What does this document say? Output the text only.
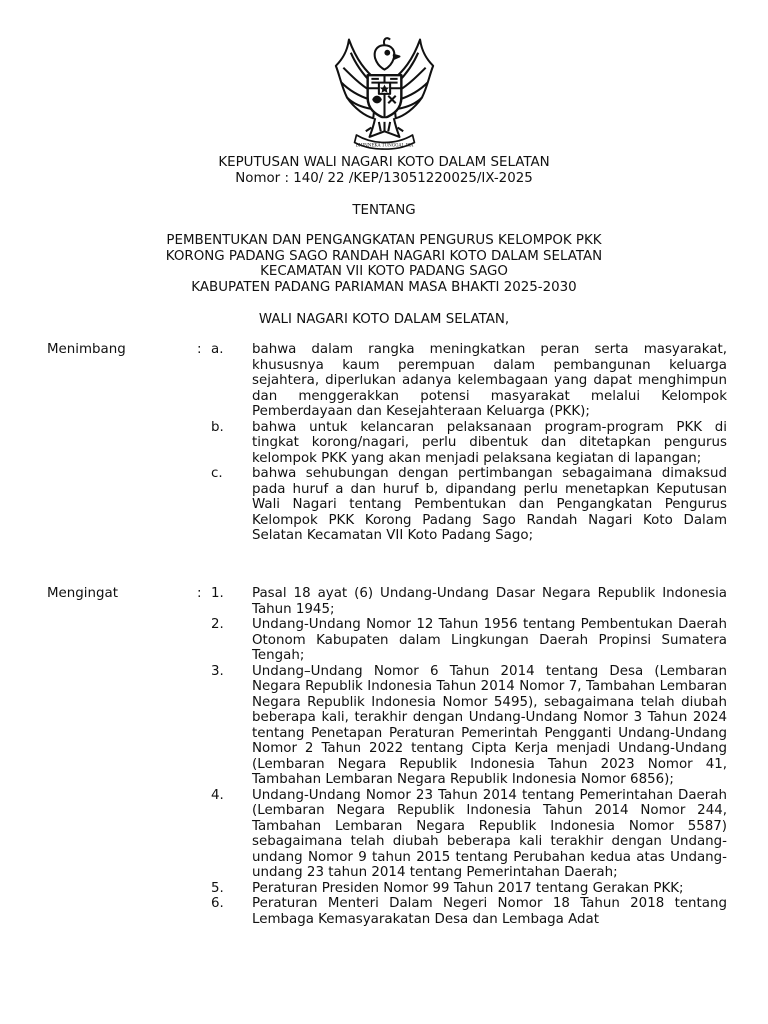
BHINNEKA TUNGGAL IKA
KEPUTUSAN WALI NAGARI KOTO DALAM SELATAN
Nomor : 140/ 22 /KEP/13051220025/IX-2025
TENTANG
PEMBENTUKAN DAN PENGANGKATAN PENGURUS KELOMPOK PKK
KORONG PADANG SAGO RANDAH NAGARI KOTO DALAM SELATAN
KECAMATAN VII KOTO PADANG SAGO
KABUPATEN PADANG PARIAMAN MASA BHAKTI 2025-2030
WALI NAGARI KOTO DALAM SELATAN,
Menimbang	: a. bahwa dalam rangka meningkatkan peran serta masyarakat, khususnya kaum perempuan dalam pembangunan keluarga sejahtera, diperlukan adanya kelembagaan yang dapat menghimpun dan menggerakkan potensi masyarakat melalui Kelompok Pemberdayaan dan Kesejahteraan Keluarga (PKK);
b. bahwa untuk kelancaran pelaksanaan program-program PKK di tingkat korong/nagari, perlu dibentuk dan ditetapkan pengurus kelompok PKK yang akan menjadi pelaksana kegiatan di lapangan;
c. bahwa sehubungan dengan pertimbangan sebagaimana dimaksud pada huruf a dan huruf b, dipandang perlu menetapkan Keputusan Wali Nagari tentang Pembentukan dan Pengangkatan Pengurus Kelompok PKK Korong Padang Sago Randah Nagari Koto Dalam Selatan Kecamatan VII Koto Padang Sago;
Mengingat	: 1. Pasal 18 ayat (6) Undang-Undang Dasar Negara Republik Indonesia Tahun 1945;
2. Undang-Undang Nomor 12 Tahun 1956 tentang Pembentukan Daerah Otonom Kabupaten dalam Lingkungan Daerah Propinsi Sumatera Tengah;
3. Undang–Undang Nomor 6 Tahun 2014 tentang Desa (Lembaran Negara Republik Indonesia Tahun 2014 Nomor 7, Tambahan Lembaran Negara Republik Indonesia Nomor 5495), sebagaimana telah diubah beberapa kali, terakhir dengan Undang-Undang Nomor 3 Tahun 2024 tentang Penetapan Peraturan Pemerintah Pengganti Undang-Undang Nomor 2 Tahun 2022 tentang Cipta Kerja menjadi Undang-Undang (Lembaran Negara Republik Indonesia Tahun 2023 Nomor 41, Tambahan Lembaran Negara Republik Indonesia Nomor 6856);
4. Undang-Undang Nomor 23 Tahun 2014 tentang Pemerintahan Daerah (Lembaran Negara Republik Indonesia Tahun 2014 Nomor 244, Tambahan Lembaran Negara Republik Indonesia Nomor 5587) sebagaimana telah diubah beberapa kali terakhir dengan Undang-undang Nomor 9 tahun 2015 tentang Perubahan kedua atas Undang-undang 23 tahun 2014 tentang Pemerintahan Daerah;
5. Peraturan Presiden Nomor 99 Tahun 2017 tentang Gerakan PKK;
6. Peraturan Menteri Dalam Negeri Nomor 18 Tahun 2018 tentang Lembaga Kemasyarakatan Desa dan Lembaga Adat
